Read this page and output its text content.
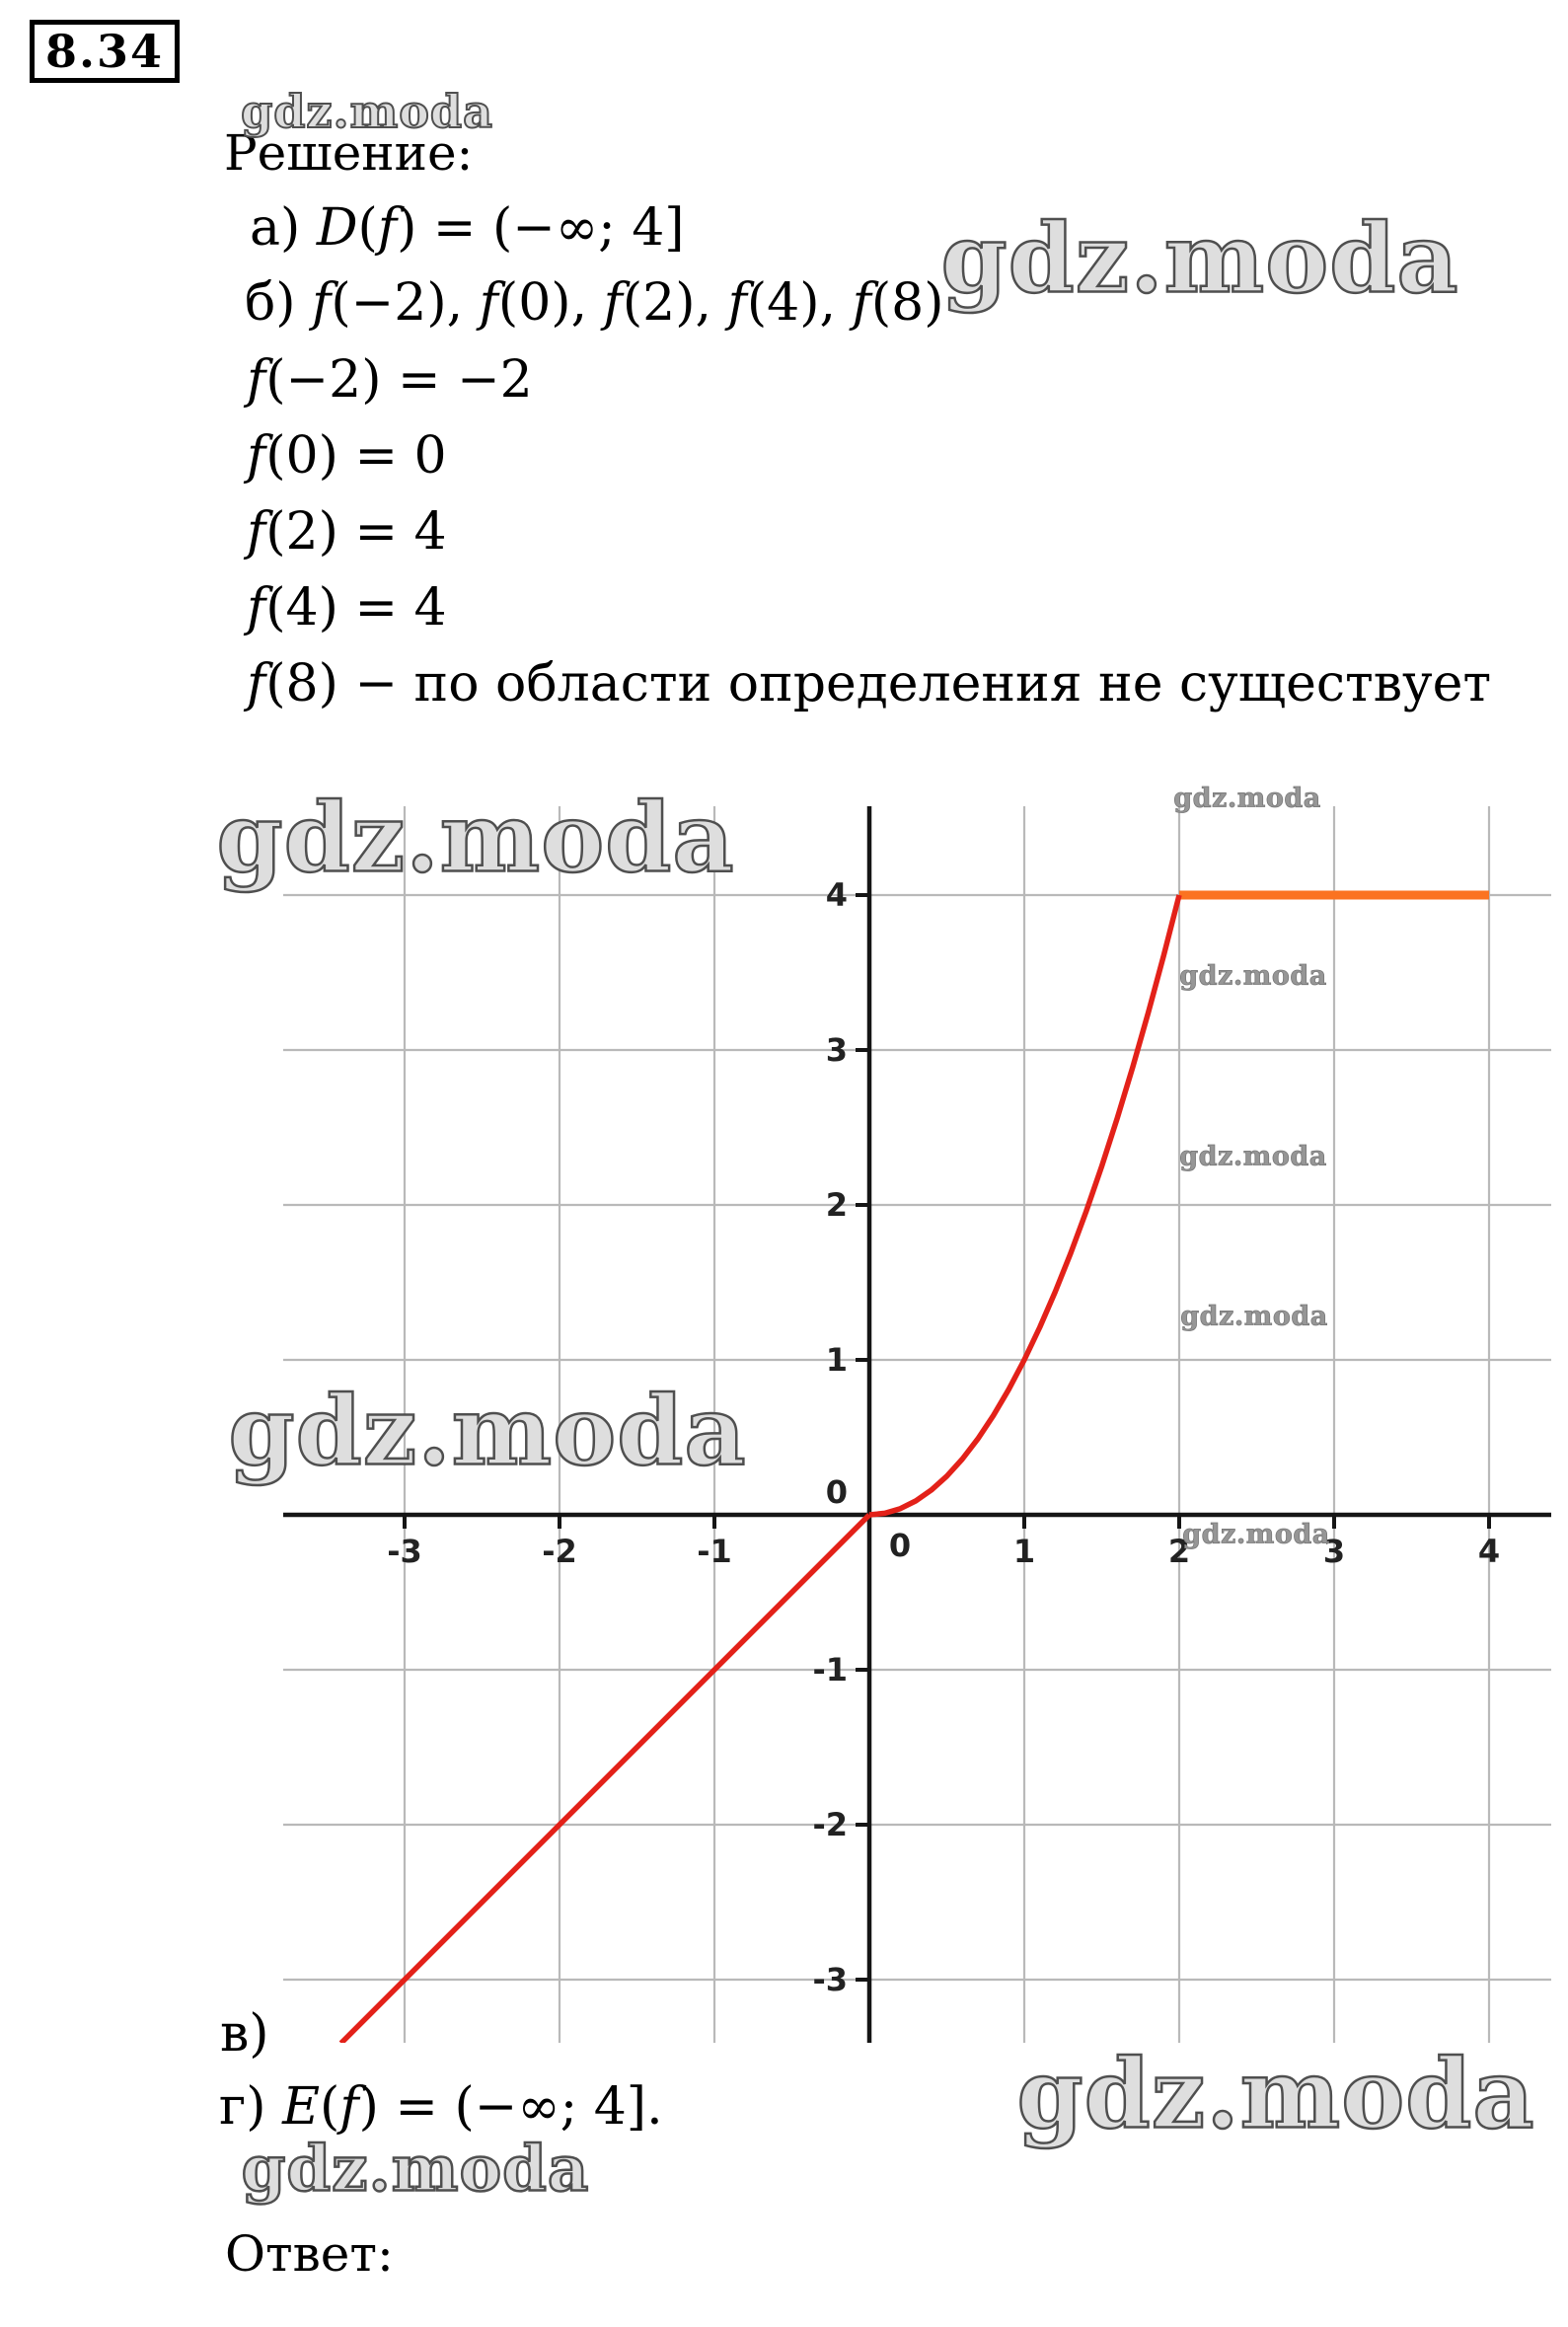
8.34
Решение:
а) D(f) = (−∞; 4]
б) f(−2), f(0), f(2), f(4), f(8)
f(−2) = −2
f(0) = 0
f(2) = 4
f(4) = 4
f(8) − по области определения не существует
-3	-2	-1	0	1	2	3	4
4
3
2
1
0
-1
-2
-3
в)
г) E(f) = (−∞; 4].
Ответ:
gdz.moda
gdz.moda
gdz.moda
gdz.moda
gdz.moda
gdz.moda
gdz.moda
gdz.moda
gdz.moda
gdz.moda
gdz.moda
